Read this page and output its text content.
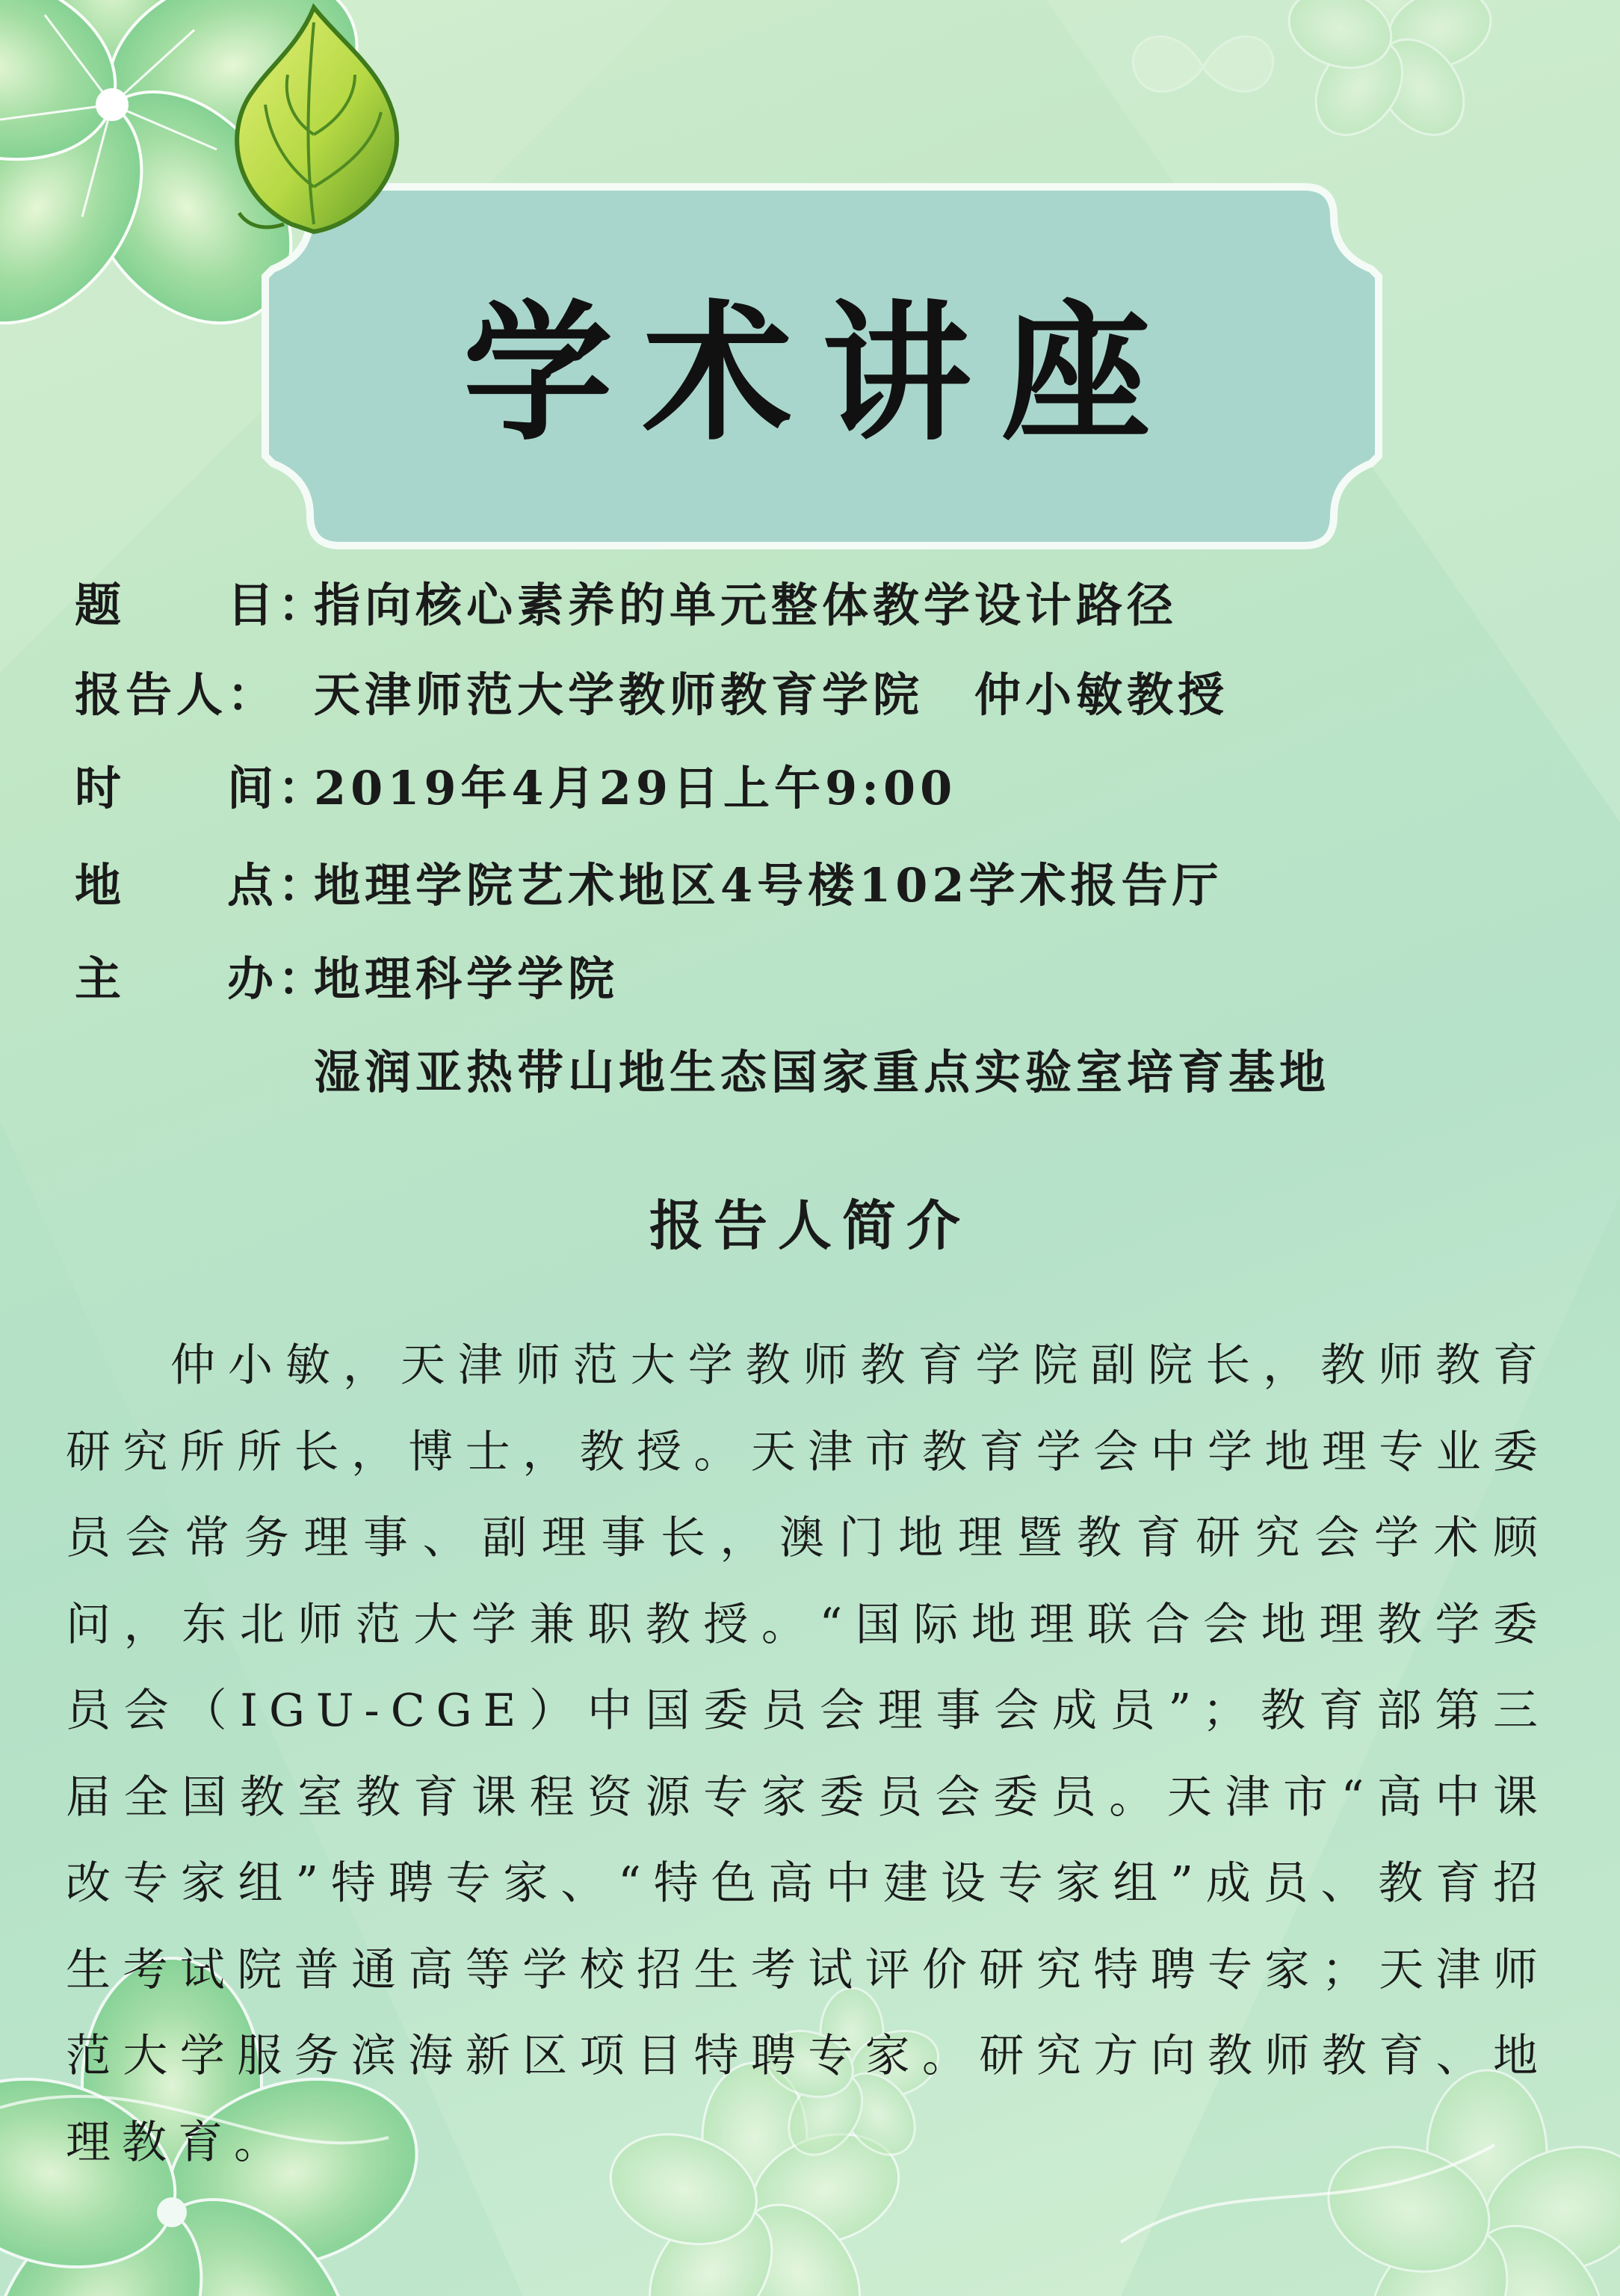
学术讲座
题　　目：
指向核心素养的单元整体教学设计路径
报告人： 天津师范大学教师教育学院　仲小敏教授
时　　间：
2019年4月29日上午9:00
地　　点：
地理学院艺术地区4号楼102学术报告厅
主　　办：
地理科学学院
湿润亚热带山地生态国家重点实验室培育基地
报告人简介
仲小敏，天津师范大学教师教育学院副院长，教师教育研究所所长，博士，教授。天津市教育学会中学地理专业委员会常务理事、副理事长，澳门地理暨教育研究会学术顾问，东北师范大学兼职教授。“国际地理联合会地理教学委员会（IGU-CGE）中国委员会理事会成员”；教育部第三届全国教室教育课程资源专家委员会委员。天津市“高中课改专家组”特聘专家、“特色高中建设专家组”成员、教育招生考试院普通高等学校招生考试评价研究特聘专家；天津师范大学服务滨海新区项目特聘专家。研究方向教师教育、地理教育。
